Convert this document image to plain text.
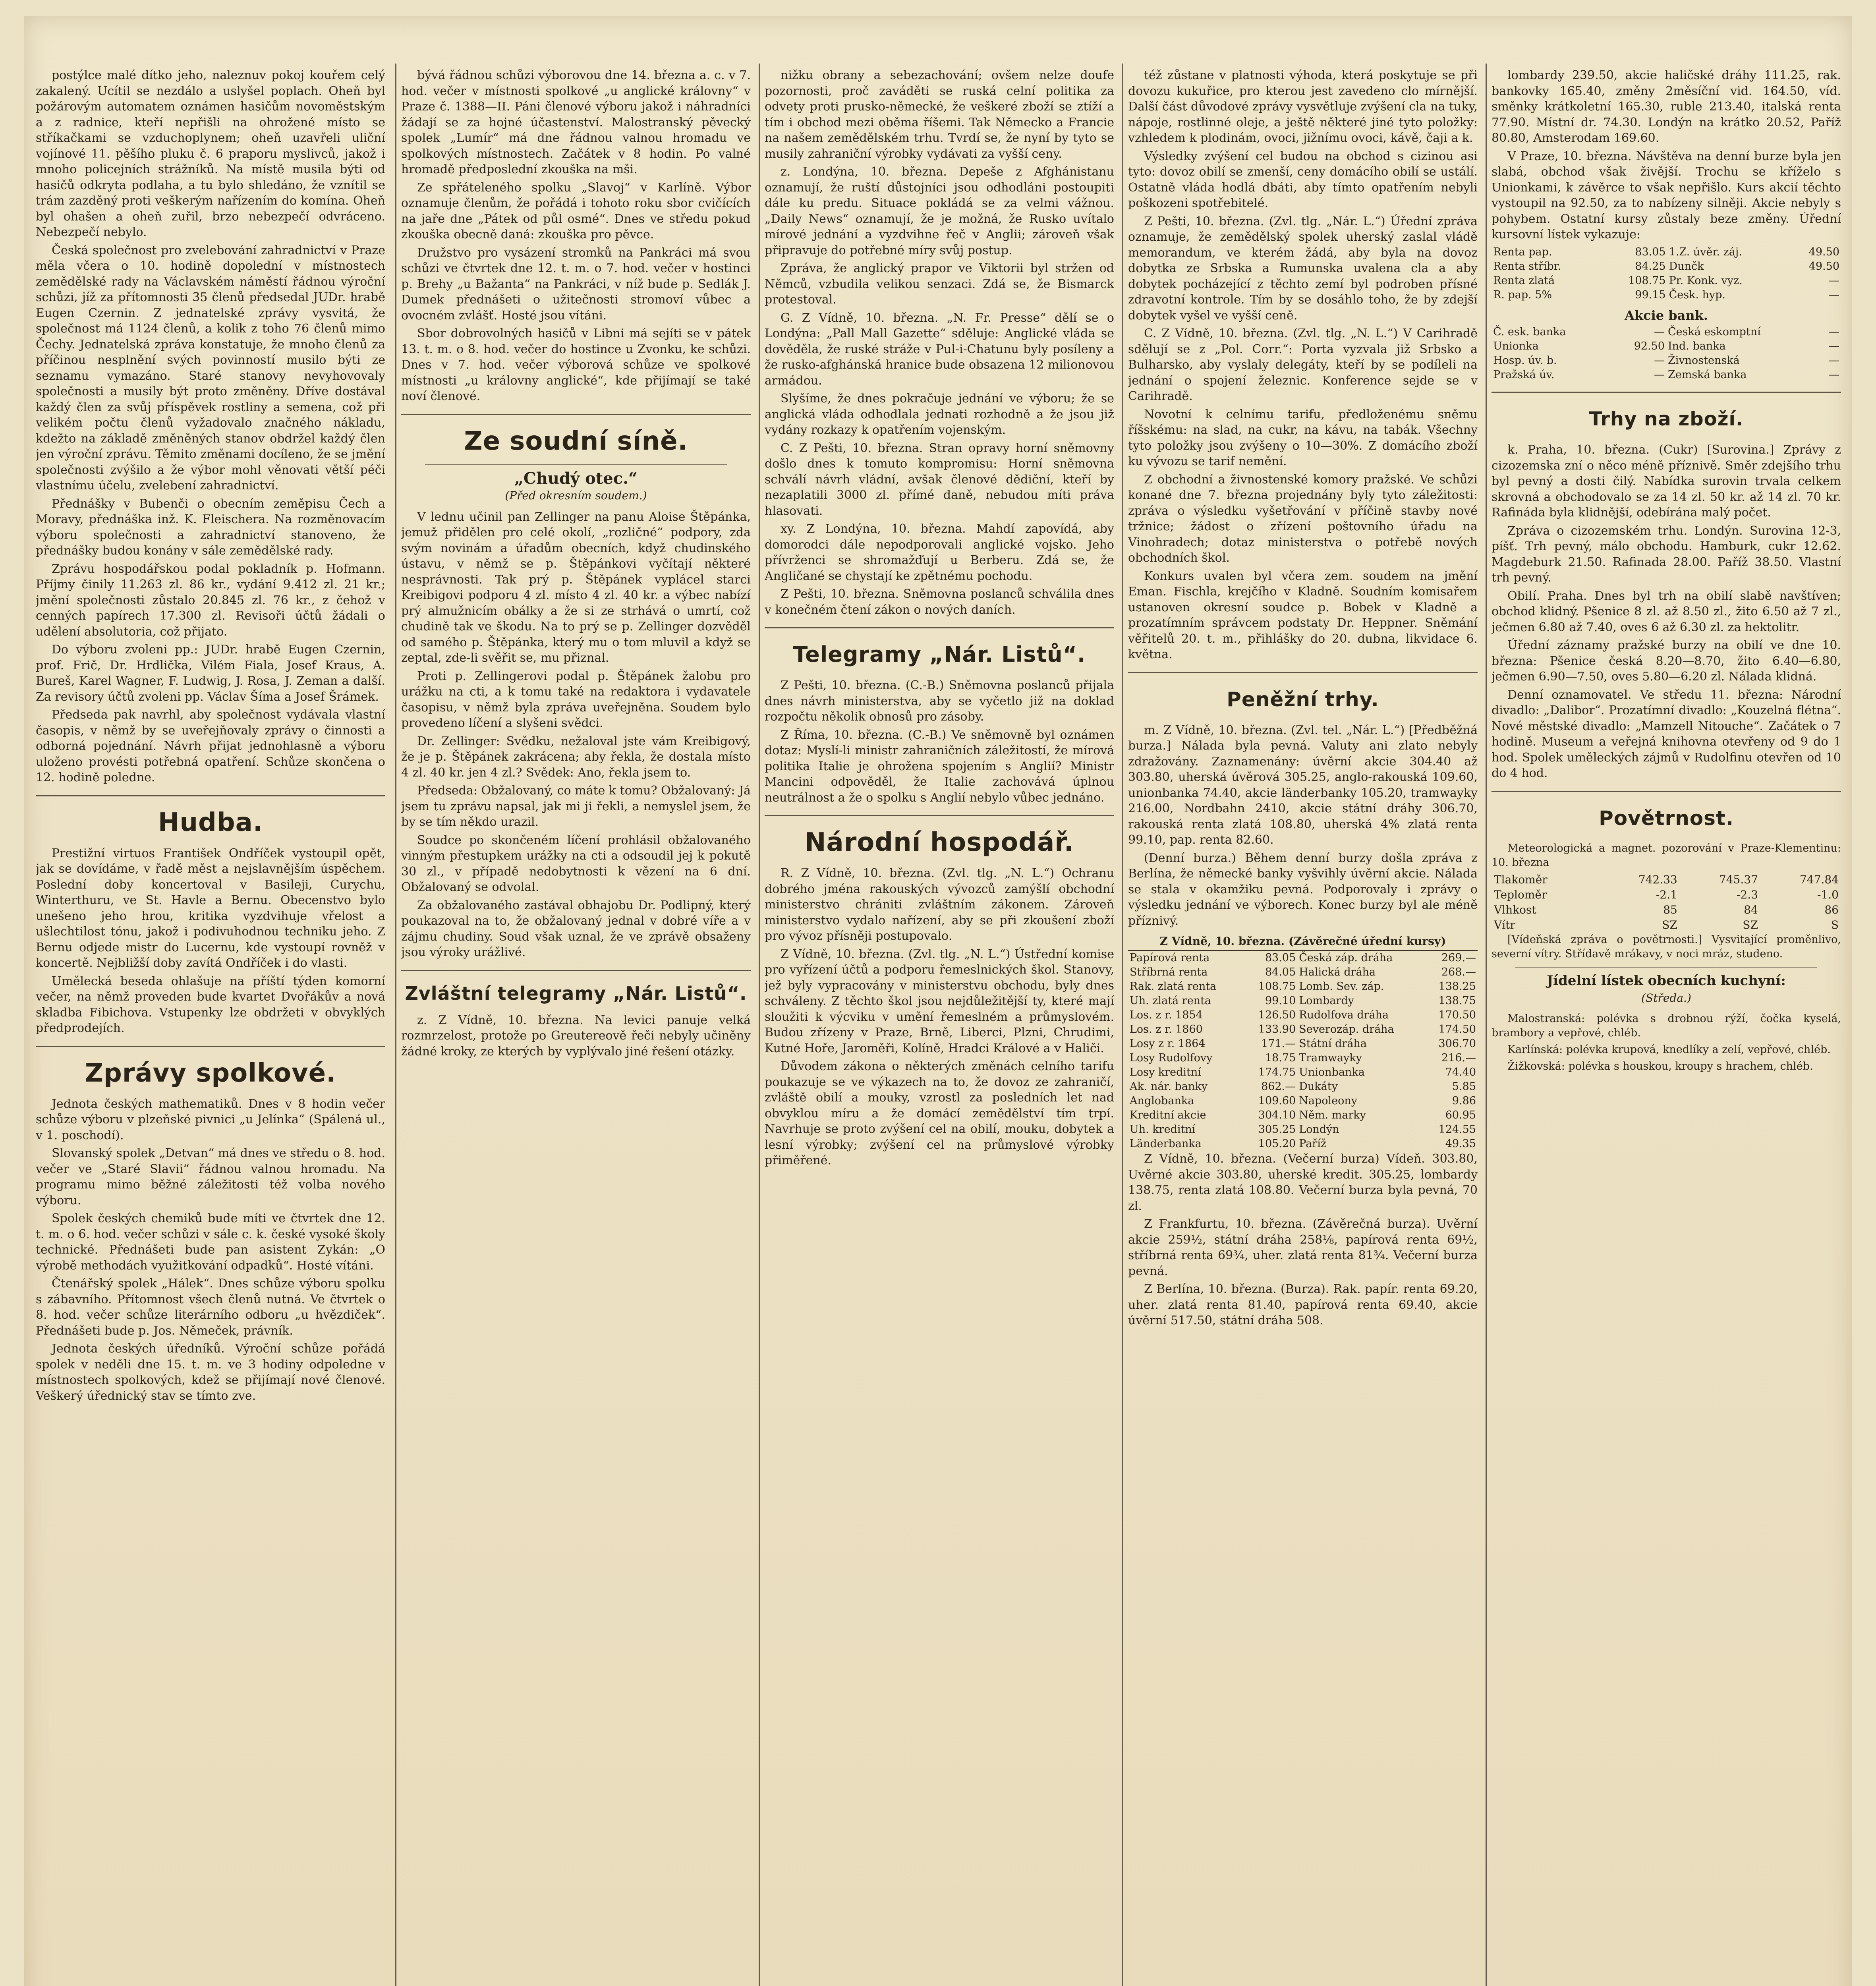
postýlce malé dítko jeho, naleznuv pokoj kouřem celý zakalený. Ucítil se nezdálo a uslyšel poplach. Oheň byl požárovým automatem oznámen hasičům novoměstským a z radnice, kteří nepřišli na ohrožené místo se stříkačkami se vzduchoplynem; oheň uzavřeli uliční vojínové 11. pěšího pluku č. 6 praporu myslivců, jakož i mnoho policejních strážníků. Na místě musila býti od hasičů odkryta podlaha, a tu bylo shledáno, že vznítil se trám zazděný proti veškerým nařízením do komína. Oheň byl ohašen a oheň zuřil, brzo nebezpečí odvráceno. Nebezpečí nebylo.

Česká společnost pro zvelebování zahradnictví v Praze měla včera o 10. hodině dopolední v místnostech zemědělské rady na Václavském náměstí řádnou výroční schůzi, jíž za přítomnosti 35 členů předsedal JUDr. hrabě Eugen Czernin. Z jednatelské zprávy vysvitá, že společnost má 1124 členů, a kolik z toho 76 členů mimo Čechy. Jednatelská zpráva konstatuje, že mnoho členů za příčinou nesplnění svých povinností musilo býti ze seznamu vymazáno. Staré stanovy nevyhovovaly společnosti a musily být proto změněny. Dříve dostával každý člen za svůj příspěvek rostliny a semena, což při velikém počtu členů vyžadovalo značného nákladu, kdežto na základě změněných stanov obdržel každý člen jen výroční zprávu. Těmito změnami docíleno, že se jmění společnosti zvýšilo a že výbor mohl věnovati větší péči vlastnímu účelu, zvelebení zahradnictví.

Přednášky v Bubenči o obecním zeměpisu Čech a Moravy, přednáška inž. K. Fleischera. Na rozměnovacím výboru společnosti a zahradnictví stanoveno, že přednášky budou konány v sále zemědělské rady.

Zprávu hospodářskou podal pokladník p. Hofmann. Příjmy činily 11.263 zl. 86 kr., vydání 9.412 zl. 21 kr.; jmění společnosti zůstalo 20.845 zl. 76 kr., z čehož v cenných papírech 17.300 zl. Revisoři účtů žádali o udělení absolutoria, což přijato.

Do výboru zvoleni pp.: JUDr. hrabě Eugen Czernin, prof. Frič, Dr. Hrdlička, Vilém Fiala, Josef Kraus, A. Bureš, Karel Wagner, F. Ludwig, J. Rosa, J. Zeman a další. Za revisory účtů zvoleni pp. Václav Šíma a Josef Šrámek.

Předseda pak navrhl, aby společnost vydávala vlastní časopis, v němž by se uveřejňovaly zprávy o činnosti a odborná pojednání. Návrh přijat jednohlasně a výboru uloženo provésti potřebná opatření. Schůze skončena o 12. hodině poledne.

Hudba.

Prestižní virtuos František Ondříček vystoupil opět, jak se dovídáme, v řadě měst a nejslavnějším úspěchem. Poslední doby koncertoval v Basileji, Curychu, Winterthuru, ve St. Havle a Bernu. Obecenstvo bylo unešeno jeho hrou, kritika vyzdvihuje vřelost a ušlechtilost tónu, jakož i podivuhodnou techniku jeho. Z Bernu odjede mistr do Lucernu, kde vystoupí rovněž v koncertě. Nejbližší doby zavítá Ondříček i do vlasti.

Umělecká beseda ohlašuje na příští týden komorní večer, na němž proveden bude kvartet Dvořákův a nová skladba Fibichova. Vstupenky lze obdržeti v obvyklých předprodejích.

Zprávy spolkové.

Jednota českých mathematiků. Dnes v 8 hodin večer schůze výboru v plzeňské pivnici „u Jelínka“ (Spálená ul., v 1. poschodí).

Slovanský spolek „Detvan“ má dnes ve středu o 8. hod. večer ve „Staré Slavii“ řádnou valnou hromadu. Na programu mimo běžné záležitosti též volba nového výboru.

Spolek českých chemiků bude míti ve čtvrtek dne 12. t. m. o 6. hod. večer schůzi v sále c. k. české vysoké školy technické. Přednášeti bude pan asistent Zykán: „O výrobě methodách využitkování odpadků“. Hosté vítáni.

Čtenářský spolek „Hálek“. Dnes schůze výboru spolku s zábavního. Přítomnost všech členů nutná. Ve čtvrtek o 8. hod. večer schůze literárního odboru „u hvězdiček“. Přednášeti bude p. Jos. Němeček, právník.

Jednota českých úředníků. Výroční schůze pořádá spolek v neděli dne 15. t. m. ve 3 hodiny odpoledne v místnostech spolkových, kdež se přijímají nové členové. Veškerý úřednický stav se tímto zve.

bývá řádnou schůzi výborovou dne 14. března a. c. v 7. hod. večer v místnosti spolkové „u anglické královny“ v Praze č. 1388—II. Páni členové výboru jakož i náhradníci žádají se za hojné účastenství. Malostranský pěvecký spolek „Lumír“ má dne řádnou valnou hromadu ve spolkových místnostech. Začátek v 8 hodin. Po valné hromadě předposlední zkouška na mši.

Ze spřáteleného spolku „Slavoj“ v Karlíně. Výbor oznamuje členům, že pořádá i tohoto roku sbor cvičících na jaře dne „Pátek od půl osmé“. Dnes ve středu pokud zkouška obecně daná: zkouška pro pěvce.

Družstvo pro vysázení stromků na Pankráci má svou schůzi ve čtvrtek dne 12. t. m. o 7. hod. večer v hostinci p. Brehy „u Bažanta“ na Pankráci, v níž bude p. Sedlák J. Dumek přednášeti o užitečnosti stromoví vůbec a ovocném zvlášť. Hosté jsou vítáni.

Sbor dobrovolných hasičů v Libni má sejíti se v pátek 13. t. m. o 8. hod. večer do hostince u Zvonku, ke schůzi. Dnes v 7. hod. večer výborová schůze ve spolkové místnosti „u královny anglické“, kde přijímají se také noví členové.

Ze soudní síně.
„Chudý otec.“
(Před okresním soudem.)

V lednu učinil pan Zellinger na panu Aloise Štěpánka, jemuž přidělen pro celé okolí, „rozličné“ podpory, zda svým novinám a úřadům obecních, když chudinského ústavu, v němž se p. Štěpánkovi vyčítají některé nesprávnosti. Tak prý p. Štěpánek vyplácel starci Kreibigovi podporu 4 zl. místo 4 zl. 40 kr. a výbec nabízí prý almužnicím obálky a že si ze strhává o umrtí, což chudině tak ve škodu. Na to prý se p. Zellinger dozvěděl od samého p. Štěpánka, který mu o tom mluvil a když se zeptal, zde-li svěřit se, mu přiznal.

Proti p. Zellingerovi podal p. Štěpánek žalobu pro urážku na cti, a k tomu také na redaktora i vydavatele časopisu, v němž byla zpráva uveřejněna. Soudem bylo provedeno líčení a slyšeni svědci.

Dr. Zellinger: Svědku, nežaloval jste vám Kreibigový, že je p. Štěpánek zakrácena; aby řekla, že dostala místo 4 zl. 40 kr. jen 4 zl.? Svědek: Ano, řekla jsem to.

Předseda: Obžalovaný, co máte k tomu? Obžalovaný: Já jsem tu zprávu napsal, jak mi ji řekli, a nemyslel jsem, že by se tím někdo urazil.

Soudce po skončeném líčení prohlásil obžalovaného vinným přestupkem urážky na cti a odsoudil jej k pokutě 30 zl., v případě nedobytnosti k vězení na 6 dní. Obžalovaný se odvolal.

Za obžalovaného zastával obhajobu Dr. Podlipný, který poukazoval na to, že obžalovaný jednal v dobré víře a v zájmu chudiny. Soud však uznal, že ve zprávě obsaženy jsou výroky urážlivé.

Zvláštní telegramy „Nár. Listů“.

z. Z Vídně, 10. března. Na levici panuje velká rozmrzelost, protože po Greutereově řeči nebyly učiněny žádné kroky, ze kterých by vyplývalo jiné řešení otázky.

nižku obrany a sebezachování; ovšem nelze doufe pozornosti, proč zaváděti se ruská celní politika za odvety proti prusko-německé, že veškeré zboží se ztíží a tím i obchod mezi oběma říšemi. Tak Německo a Francie na našem zemědělském trhu. Tvrdí se, že nyní by tyto se musily zahraniční výrobky vydávati za vyšší ceny.

z. Londýna, 10. března. Depeše z Afghánistanu oznamují, že ruští důstojníci jsou odhodláni postoupiti dále ku predu. Situace pokládá se za velmi vážnou. „Daily News“ oznamují, že je možná, že Rusko uvítalo mírové jednání a vyzdvihne řeč v Anglii; zároveň však připravuje do potřebné míry svůj postup.

Zpráva, že anglický prapor ve Viktorii byl stržen od Němců, vzbudila velikou senzaci. Zdá se, že Bismarck protestoval.

G. Z Vídně, 10. března. „N. Fr. Presse“ dělí se o Londýna: „Pall Mall Gazette“ sděluje: Anglické vláda se dověděla, že ruské stráže v Pul-i-Chatunu byly posíleny a že rusko-afghánská hranice bude obsazena 12 milionovou armádou.

Slyšíme, že dnes pokračuje jednání ve výboru; že se anglická vláda odhodlala jednati rozhodně a že jsou již vydány rozkazy k opatřením vojenským.

C. Z Pešti, 10. března. Stran opravy horní sněmovny došlo dnes k tomuto kompromisu: Horní sněmovna schválí návrh vládní, avšak členové dědiční, kteří by nezaplatili 3000 zl. přímé daně, nebudou míti práva hlasovati.

xy. Z Londýna, 10. března. Mahdí zapovídá, aby domorodci dále nepodporovali anglické vojsko. Jeho přívrženci se shromažďují u Berberu. Zdá se, že Angličané se chystají ke zpětnému pochodu.

Z Pešti, 10. března. Sněmovna poslanců schválila dnes v konečném čtení zákon o nových daních.

Telegramy „Nár. Listů“.

Z Pešti, 10. března. (C.-B.) Sněmovna poslanců přijala dnes návrh ministerstva, aby se vyčetlo již na doklad rozpočtu několik obnosů pro zásoby.

Z Říma, 10. března. (C.-B.) Ve sněmovně byl oznámen dotaz: Myslí-li ministr zahraničních záležitostí, že mírová politika Italie je ohrožena spojením s Anglií? Ministr Mancini odpověděl, že Italie zachovává úplnou neutrálnost a že o spolku s Anglií nebylo vůbec jednáno.

Národní hospodář.

R. Z Vídně, 10. března. (Zvl. tlg. „N. L.“) Ochranu dobrého jména rakouských vývozců zamýšlí obchodní ministerstvo chrániti zvláštním zákonem. Zároveň ministerstvo vydalo nařízení, aby se při zkoušení zboží pro vývoz přísněji postupovalo.

Z Vídně, 10. března. (Zvl. tlg. „N. L.“) Ústřední komise pro vyřízení účtů a podporu řemeslnických škol. Stanovy, jež byly vypracovány v ministerstvu obchodu, byly dnes schváleny. Z těchto škol jsou nejdůležitější ty, které mají sloužiti k výcviku v umění řemeslném a průmyslovém. Budou zřízeny v Praze, Brně, Liberci, Plzni, Chrudimi, Kutné Hoře, Jaroměři, Kolíně, Hradci Králové a v Haliči.

Důvodem zákona o některých změnách celního tarifu poukazuje se ve výkazech na to, že dovoz ze zahraničí, zvláště obilí a mouky, vzrostl za posledních let nad obvyklou míru a že domácí zemědělství tím trpí. Navrhuje se proto zvýšení cel na obilí, mouku, dobytek a lesní výrobky; zvýšení cel na průmyslové výrobky přiměřené.

též zůstane v platnosti výhoda, která poskytuje se při dovozu kukuřice, pro kterou jest zavedeno clo mírnější. Další část důvodové zprávy vysvětluje zvýšení cla na tuky, nápoje, rostlinné oleje, a ještě některé jiné tyto položky: vzhledem k plodinám, ovoci, jižnímu ovoci, kávě, čaji a k.

Výsledky zvýšení cel budou na obchod s cizinou asi tyto: dovoz obilí se zmenší, ceny domácího obilí se ustálí. Ostatně vláda hodlá dbáti, aby tímto opatřením nebyli poškozeni spotřebitelé.

Z Pešti, 10. března. (Zvl. tlg. „Nár. L.“) Úřední zpráva oznamuje, že zemědělský spolek uherský zaslal vládě memorandum, ve kterém žádá, aby byla na dovoz dobytka ze Srbska a Rumunska uvalena cla a aby dobytek pocházející z těchto zemí byl podroben přísné zdravotní kontrole. Tím by se dosáhlo toho, že by zdejší dobytek vyšel ve vyšší ceně.

C. Z Vídně, 10. března. (Zvl. tlg. „N. L.“) V Carihradě sdělují se z „Pol. Corr.“: Porta vyzvala již Srbsko a Bulharsko, aby vyslaly delegáty, kteří by se podíleli na jednání o spojení železnic. Konference sejde se v Carihradě.

Novotní k celnímu tarifu, předloženému sněmu říšskému: na slad, na cukr, na kávu, na tabák. Všechny tyto položky jsou zvýšeny o 10—30%. Z domácího zboží ku vývozu se tarif nemění.

Z obchodní a živnostenské komory pražské. Ve schůzi konané dne 7. března projednány byly tyto záležitosti: zpráva o výsledku vyšetřování v příčině stavby nové tržnice; žádost o zřízení poštovního úřadu na Vinohradech; dotaz ministerstva o potřebě nových obchodních škol.

Konkurs uvalen byl včera zem. soudem na jmění Eman. Fischla, krejčího v Kladně. Soudním komisařem ustanoven okresní soudce p. Bobek v Kladně a prozatímním správcem podstaty Dr. Heppner. Sněmání věřitelů 20. t. m., přihlášky do 20. dubna, likvidace 6. května.

Peněžní trhy.

m. Z Vídně, 10. března. (Zvl. tel. „Nár. L.“) [Předběžná burza.] Nálada byla pevná. Valuty ani zlato nebyly zdražovány. Zaznamenány: úvěrní akcie 304.40 až 303.80, uherská úvěrová 305.25, anglo-rakouská 109.60, unionbanka 74.40, akcie länderbanky 105.20, tramwayky 216.00, Nordbahn 2410, akcie státní dráhy 306.70, rakouská renta zlatá 108.80, uherská 4% zlatá renta 99.10, pap. renta 82.60.

(Denní burza.) Během denní burzy došla zpráva z Berlína, že německé banky vyšvihly úvěrní akcie. Nálada se stala v okamžiku pevná. Podporovaly i zprávy o výsledku jednání ve výborech. Konec burzy byl ale méně příznivý.

Z Vídně, 10. března. (Závěrečné úřední kursy)			
Papírová renta	83.05	Česká záp. dráha	269.—
Stříbrná renta	84.05	Halická dráha	268.—
Rak. zlatá renta	108.75	Lomb. Sev. záp.	138.25
Uh. zlatá renta	99.10	Lombardy	138.75
Los. z r. 1854	126.50	Rudolfova dráha	170.50
Los. z r. 1860	133.90	Severozáp. dráha	174.50
Losy z r. 1864	171.—	Státní dráha	306.70
Losy Rudolfovy	18.75	Tramwayky	216.—
Losy kreditní	174.75	Unionbanka	74.40
Ak. nár. banky	862.—	Dukáty	5.85
Anglobanka	109.60	Napoleony	9.86
Kreditní akcie	304.10	Něm. marky	60.95
Uh. kreditní	305.25	Londýn	124.55
Länderbanka	105.20	Paříž	49.35

Z Vídně, 10. března. (Večerní burza) Vídeň. 303.80, Uvěrné akcie 303.80, uherské kredit. 305.25, lombardy 138.75, renta zlatá 108.80. Večerní burza byla pevná, 70 zl.

Z Frankfurtu, 10. března. (Závěrečná burza). Uvěrní akcie 259½, státní dráha 258⅛, papírová renta 69½, stříbrná renta 69¾, uher. zlatá renta 81¾. Večerní burza pevná.

Z Berlína, 10. března. (Burza). Rak. papír. renta 69.20, uher. zlatá renta 81.40, papírová renta 69.40, akcie úvěrní 517.50, státní dráha 508.

lombardy 239.50, akcie haličské dráhy 111.25, rak. bankovky 165.40, změny 2měsíční vid. 164.50, víd. směnky krátkoletní 165.30, ruble 213.40, italská renta 77.90. Místní dr. 74.30. Londýn na krátko 20.52, Paříž 80.80, Amsterodam 169.60.

V Praze, 10. března. Návštěva na denní burze byla jen slabá, obchod však živější. Trochu se kříželo s Unionkami, k závěrce to však nepřišlo. Kurs akcií těchto vystoupil na 92.50, za to nabízeny silněji. Akcie nebyly s pohybem. Ostatní kursy zůstaly beze změny. Úřední kursovní lístek vykazuje:

Renta pap.	83.05	1.Z. úvěr. záj.	49.50
Renta stříbr.	84.25	Dunčk	49.50
Renta zlatá	108.75	Pr. Konk. vyz.	—
R. pap. 5%	99.15	Česk. hyp.	—
Akcie bank.
Č. esk. banka	—	Česká eskomptní	—
Unionka	92.50	Ind. banka	—
Hosp. úv. b.	—	Živnostenská	—
Pražská úv.	—	Zemská banka	—
Trhy na zboží.

k. Praha, 10. března. (Cukr) [Surovina.] Zprávy z cizozemska zní o něco méně příznivě. Směr zdejšího trhu byl pevný a dosti čilý. Nabídka surovin trvala celkem skrovná a obchodovalo se za 14 zl. 50 kr. až 14 zl. 70 kr. Rafináda byla klidnější, odebírána malý počet.

Zpráva o cizozemském trhu. Londýn. Surovina 12-3, píšť. Trh pevný, málo obchodu. Hamburk, cukr 12.62. Magdeburk 21.50. Rafinada 28.00. Paříž 38.50. Vlastní trh pevný.

Obilí. Praha. Dnes byl trh na obilí slabě navštíven; obchod klidný. Pšenice 8 zl. až 8.50 zl., žito 6.50 až 7 zl., ječmen 6.80 až 7.40, oves 6 až 6.30 zl. za hektolitr.

Úřední záznamy pražské burzy na obilí ve dne 10. března: Pšenice česká 8.20—8.70, žito 6.40—6.80, ječmen 6.90—7.50, oves 5.80—6.20 zl. Nálada klidná.

Denní oznamovatel. Ve středu 11. března: Národní divadlo: „Dalibor“. Prozatímní divadlo: „Kouzelná flétna“. Nové městské divadlo: „Mamzell Nitouche“. Začátek o 7 hodině. Museum a veřejná knihovna otevřeny od 9 do 1 hod. Spolek uměleckých zájmů v Rudolfinu otevřen od 10 do 4 hod.

Povětrnost.

Meteorologická a magnet. pozorování v Praze-Klementinu: 10. března

Tlakoměr	742.33	745.37	747.84
Teploměr	-2.1	-2.3	-1.0
Vlhkost	85	84	86
Vítr	SZ	SZ	S

[Vídeňská zpráva o povětrnosti.] Vysvitající proměnlivo, severní vítry. Střídavě mrákavy, v noci mráz, studeno.

Jídelní lístek obecních kuchyní:
(Středa.)

Malostranská: polévka s drobnou rýží, čočka kyselá, brambory a vepřové, chléb.

Karlínská: polévka krupová, knedlíky a zelí, vepřové, chléb.

Žižkovská: polévka s houskou, kroupy s hrachem, chléb.
